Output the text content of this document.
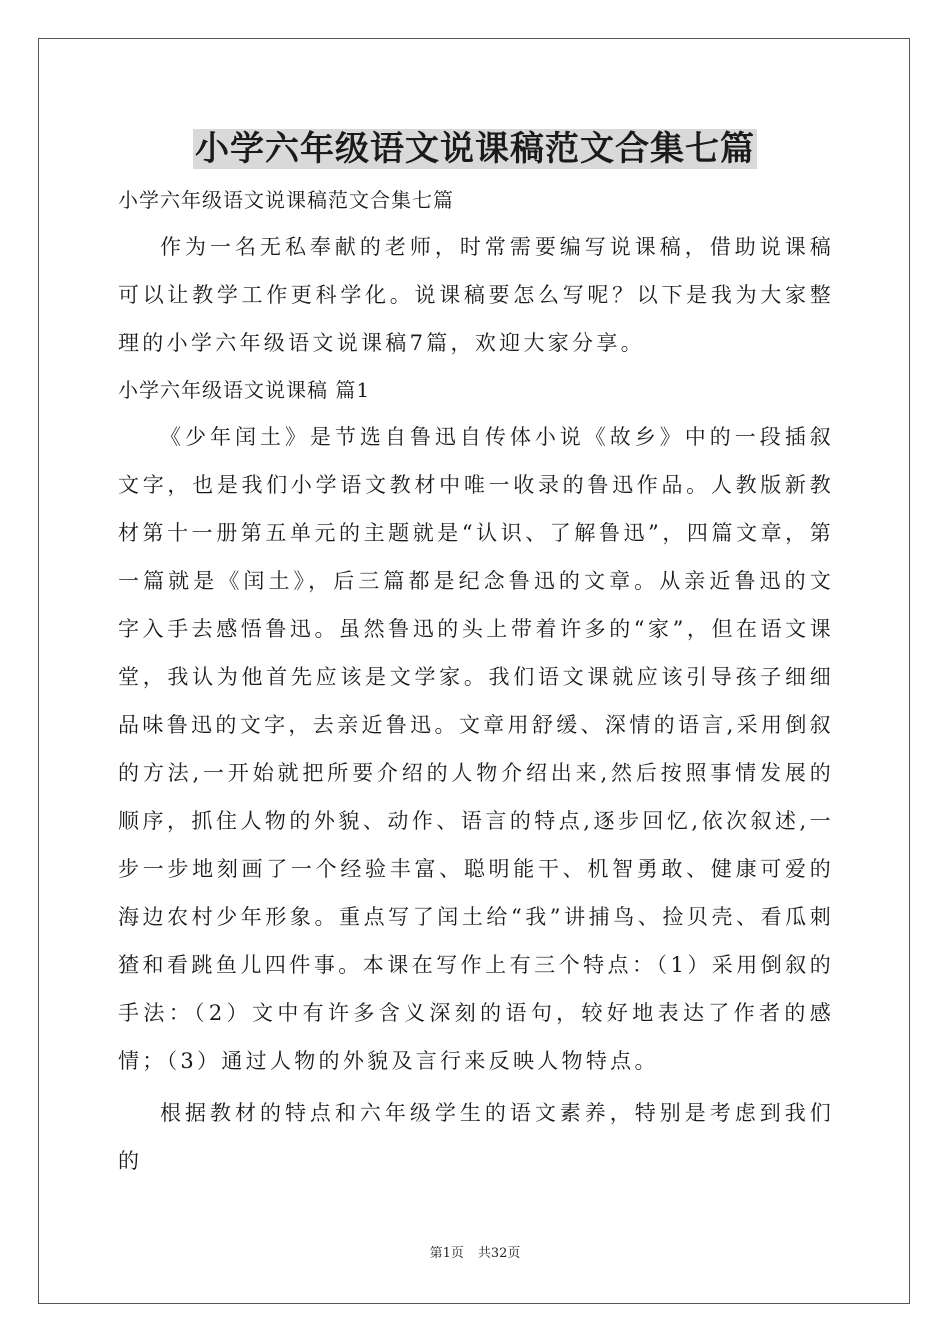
小学六年级语文说课稿范文合集七篇

小学六年级语文说课稿范文合集七篇

作为一名无私奉献的老师，时常需要编写说课稿，借助说课稿可以让教学工作更科学化。说课稿要怎么写呢？以下是我为大家整理的小学六年级语文说课稿7篇，欢迎大家分享。

小学六年级语文说课稿 篇1

《少年闰土》是节选自鲁迅自传体小说《故乡》中的一段插叙文字，也是我们小学语文教材中唯一收录的鲁迅作品。人教版新教材第十一册第五单元的主题就是“认识、了解鲁迅”，四篇文章，第一篇就是《闰土》，后三篇都是纪念鲁迅的文章。从亲近鲁迅的文字入手去感悟鲁迅。虽然鲁迅的头上带着许多的“家”，但在语文课堂，我认为他首先应该是文学家。我们语文课就应该引导孩子细细品味鲁迅的文字，去亲近鲁迅。文章用舒缓、深情的语言,采用倒叙的方法,一开始就把所要介绍的人物介绍出来,然后按照事情发展的顺序，抓住人物的外貌、动作、语言的特点,逐步回忆,依次叙述,一步一步地刻画了一个经验丰富、聪明能干、机智勇敢、健康可爱的海边农村少年形象。重点写了闰土给“我”讲捕鸟、捡贝壳、看瓜刺猹和看跳鱼儿四件事。本课在写作上有三个特点：（1）采用倒叙的手法：（2）文中有许多含义深刻的语句，较好地表达了作者的感情；（3）通过人物的外貌及言行来反映人物特点。

根据教材的特点和六年级学生的语文素养，特别是考虑到我们的

第1页 共32页
